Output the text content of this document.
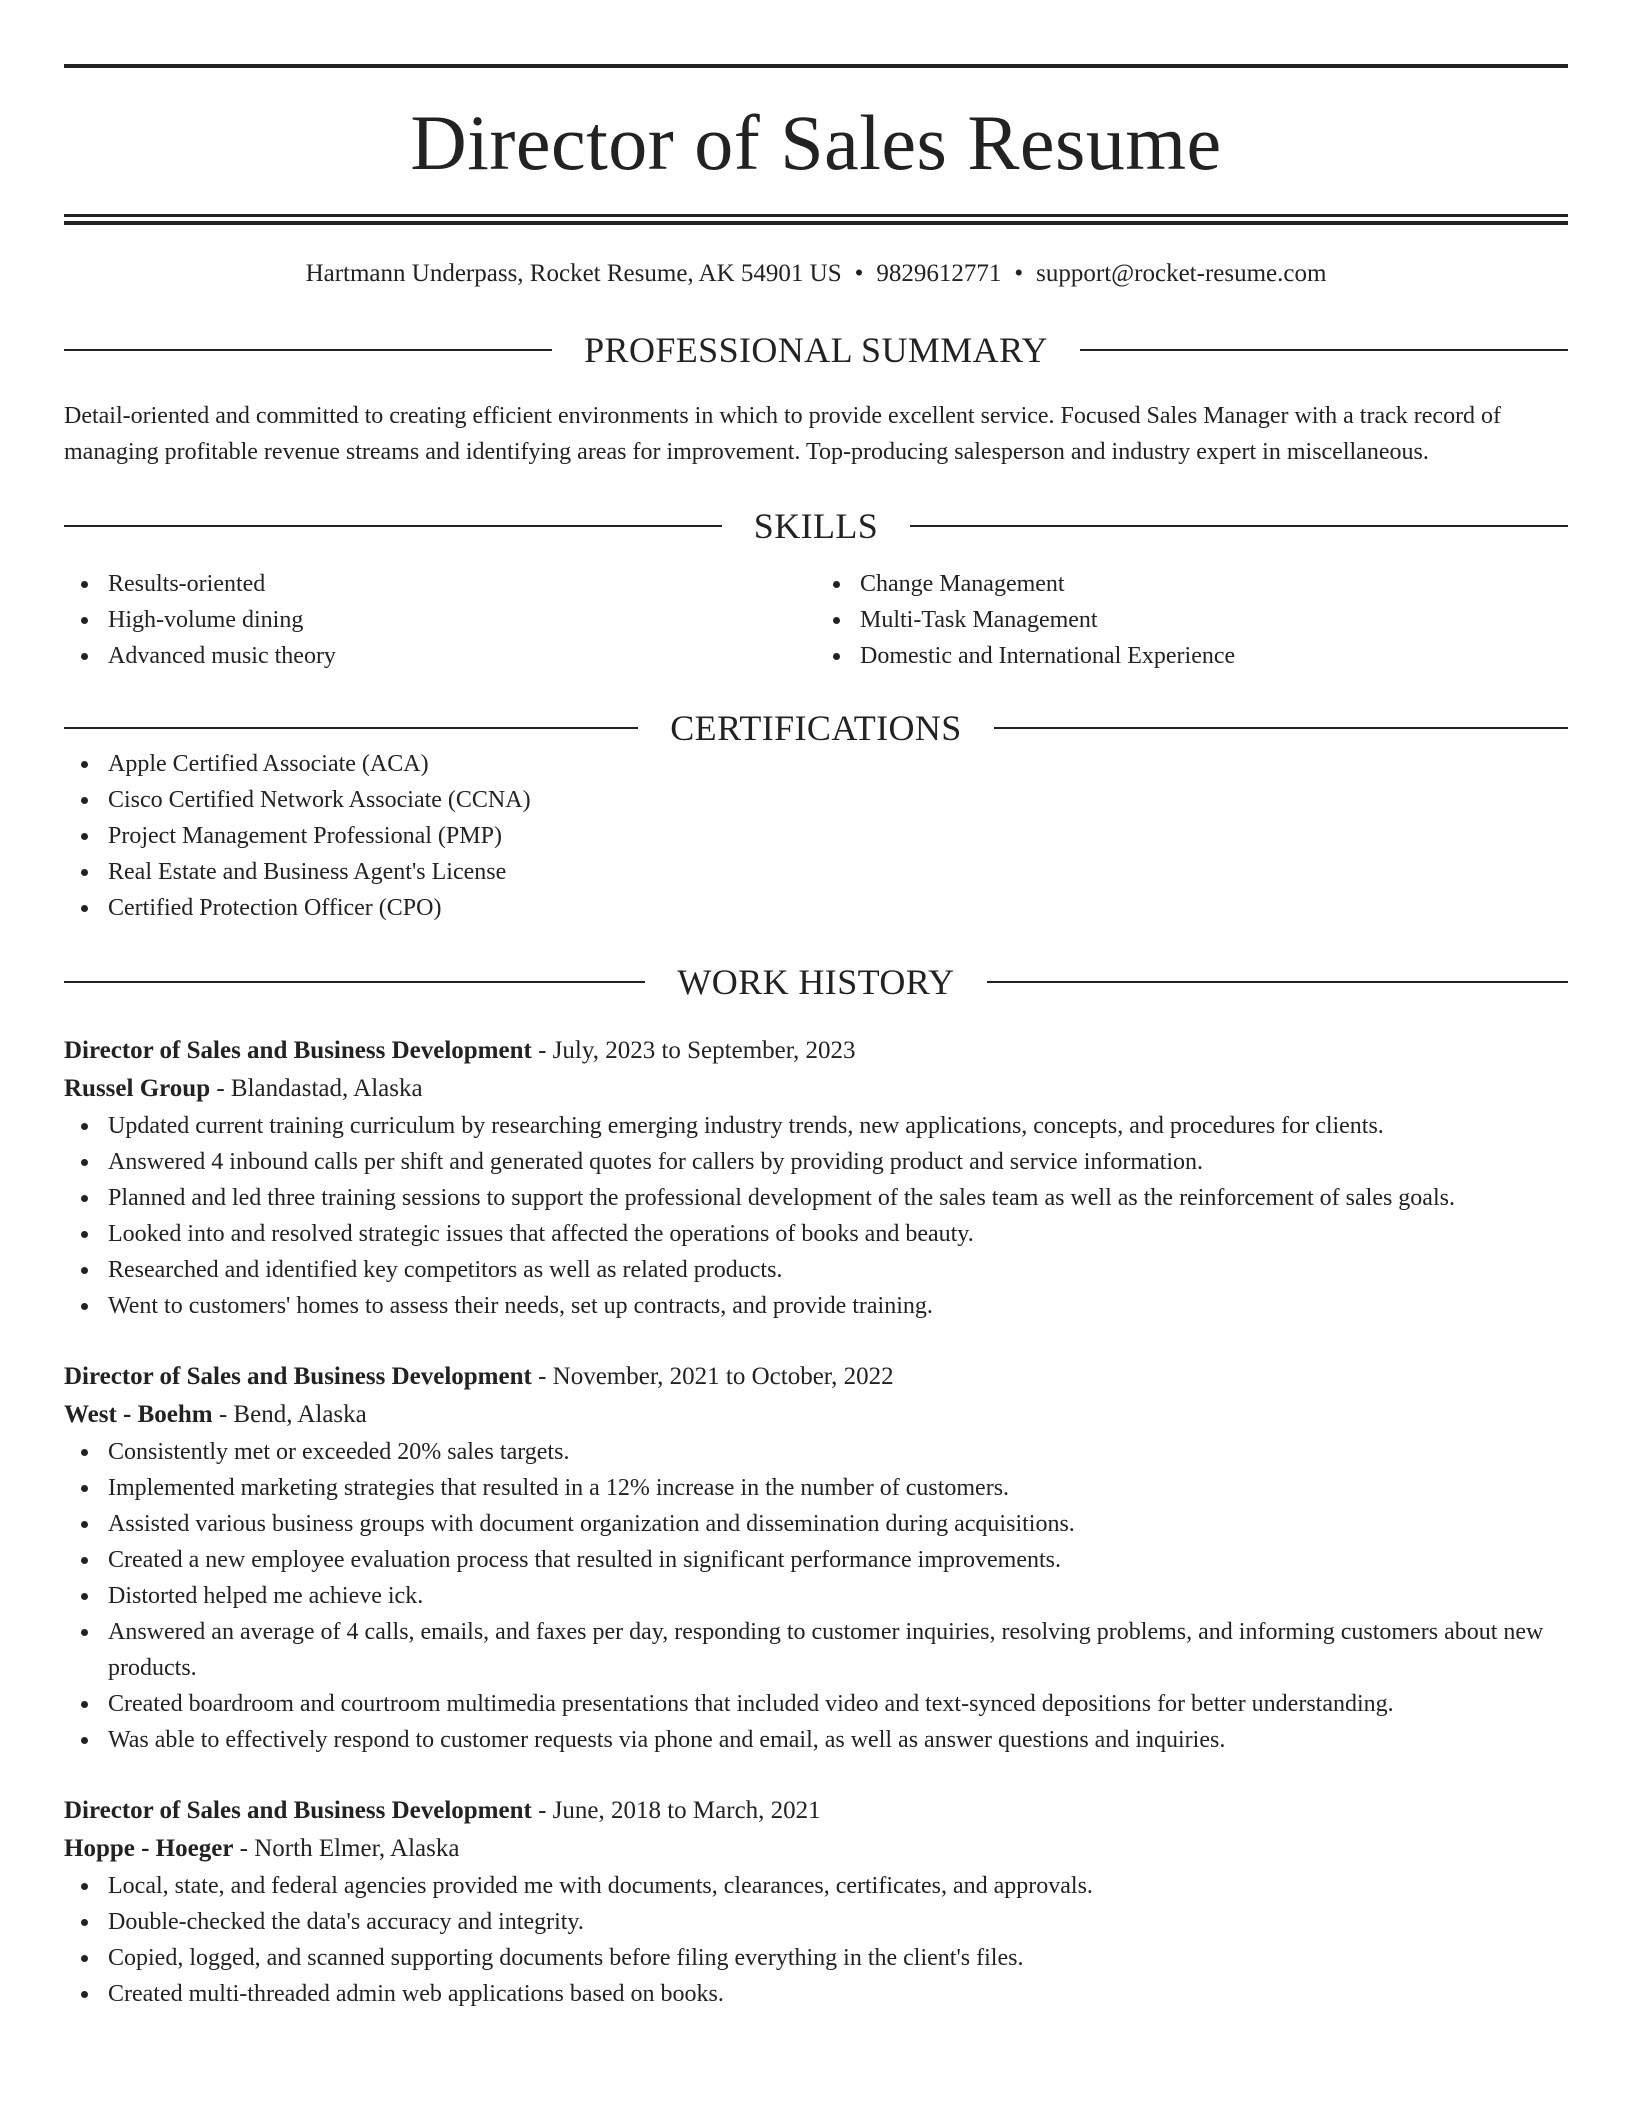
Director of Sales Resume
Hartmann Underpass, Rocket Resume, AK 54901 US • 9829612771 • support@rocket-resume.com
PROFESSIONAL SUMMARY
Detail-oriented and committed to creating efficient environments in which to provide excellent service. Focused Sales Manager with a track record of managing profitable revenue streams and identifying areas for improvement. Top-producing salesperson and industry expert in miscellaneous.
SKILLS
Results-oriented
High-volume dining
Advanced music theory
Change Management
Multi-Task Management
Domestic and International Experience
CERTIFICATIONS
Apple Certified Associate (ACA)
Cisco Certified Network Associate (CCNA)
Project Management Professional (PMP)
Real Estate and Business Agent's License
Certified Protection Officer (CPO)
WORK HISTORY
Director of Sales and Business Development - July, 2023 to September, 2023
Russel Group - Blandastad, Alaska
Updated current training curriculum by researching emerging industry trends, new applications, concepts, and procedures for clients.
Answered 4 inbound calls per shift and generated quotes for callers by providing product and service information.
Planned and led three training sessions to support the professional development of the sales team as well as the reinforcement of sales goals.
Looked into and resolved strategic issues that affected the operations of books and beauty.
Researched and identified key competitors as well as related products.
Went to customers' homes to assess their needs, set up contracts, and provide training.
Director of Sales and Business Development - November, 2021 to October, 2022
West - Boehm - Bend, Alaska
Consistently met or exceeded 20% sales targets.
Implemented marketing strategies that resulted in a 12% increase in the number of customers.
Assisted various business groups with document organization and dissemination during acquisitions.
Created a new employee evaluation process that resulted in significant performance improvements.
Distorted helped me achieve ick.
Answered an average of 4 calls, emails, and faxes per day, responding to customer inquiries, resolving problems, and informing customers about new products.
Created boardroom and courtroom multimedia presentations that included video and text-synced depositions for better understanding.
Was able to effectively respond to customer requests via phone and email, as well as answer questions and inquiries.
Director of Sales and Business Development - June, 2018 to March, 2021
Hoppe - Hoeger - North Elmer, Alaska
Local, state, and federal agencies provided me with documents, clearances, certificates, and approvals.
Double-checked the data's accuracy and integrity.
Copied, logged, and scanned supporting documents before filing everything in the client's files.
Created multi-threaded admin web applications based on books.
